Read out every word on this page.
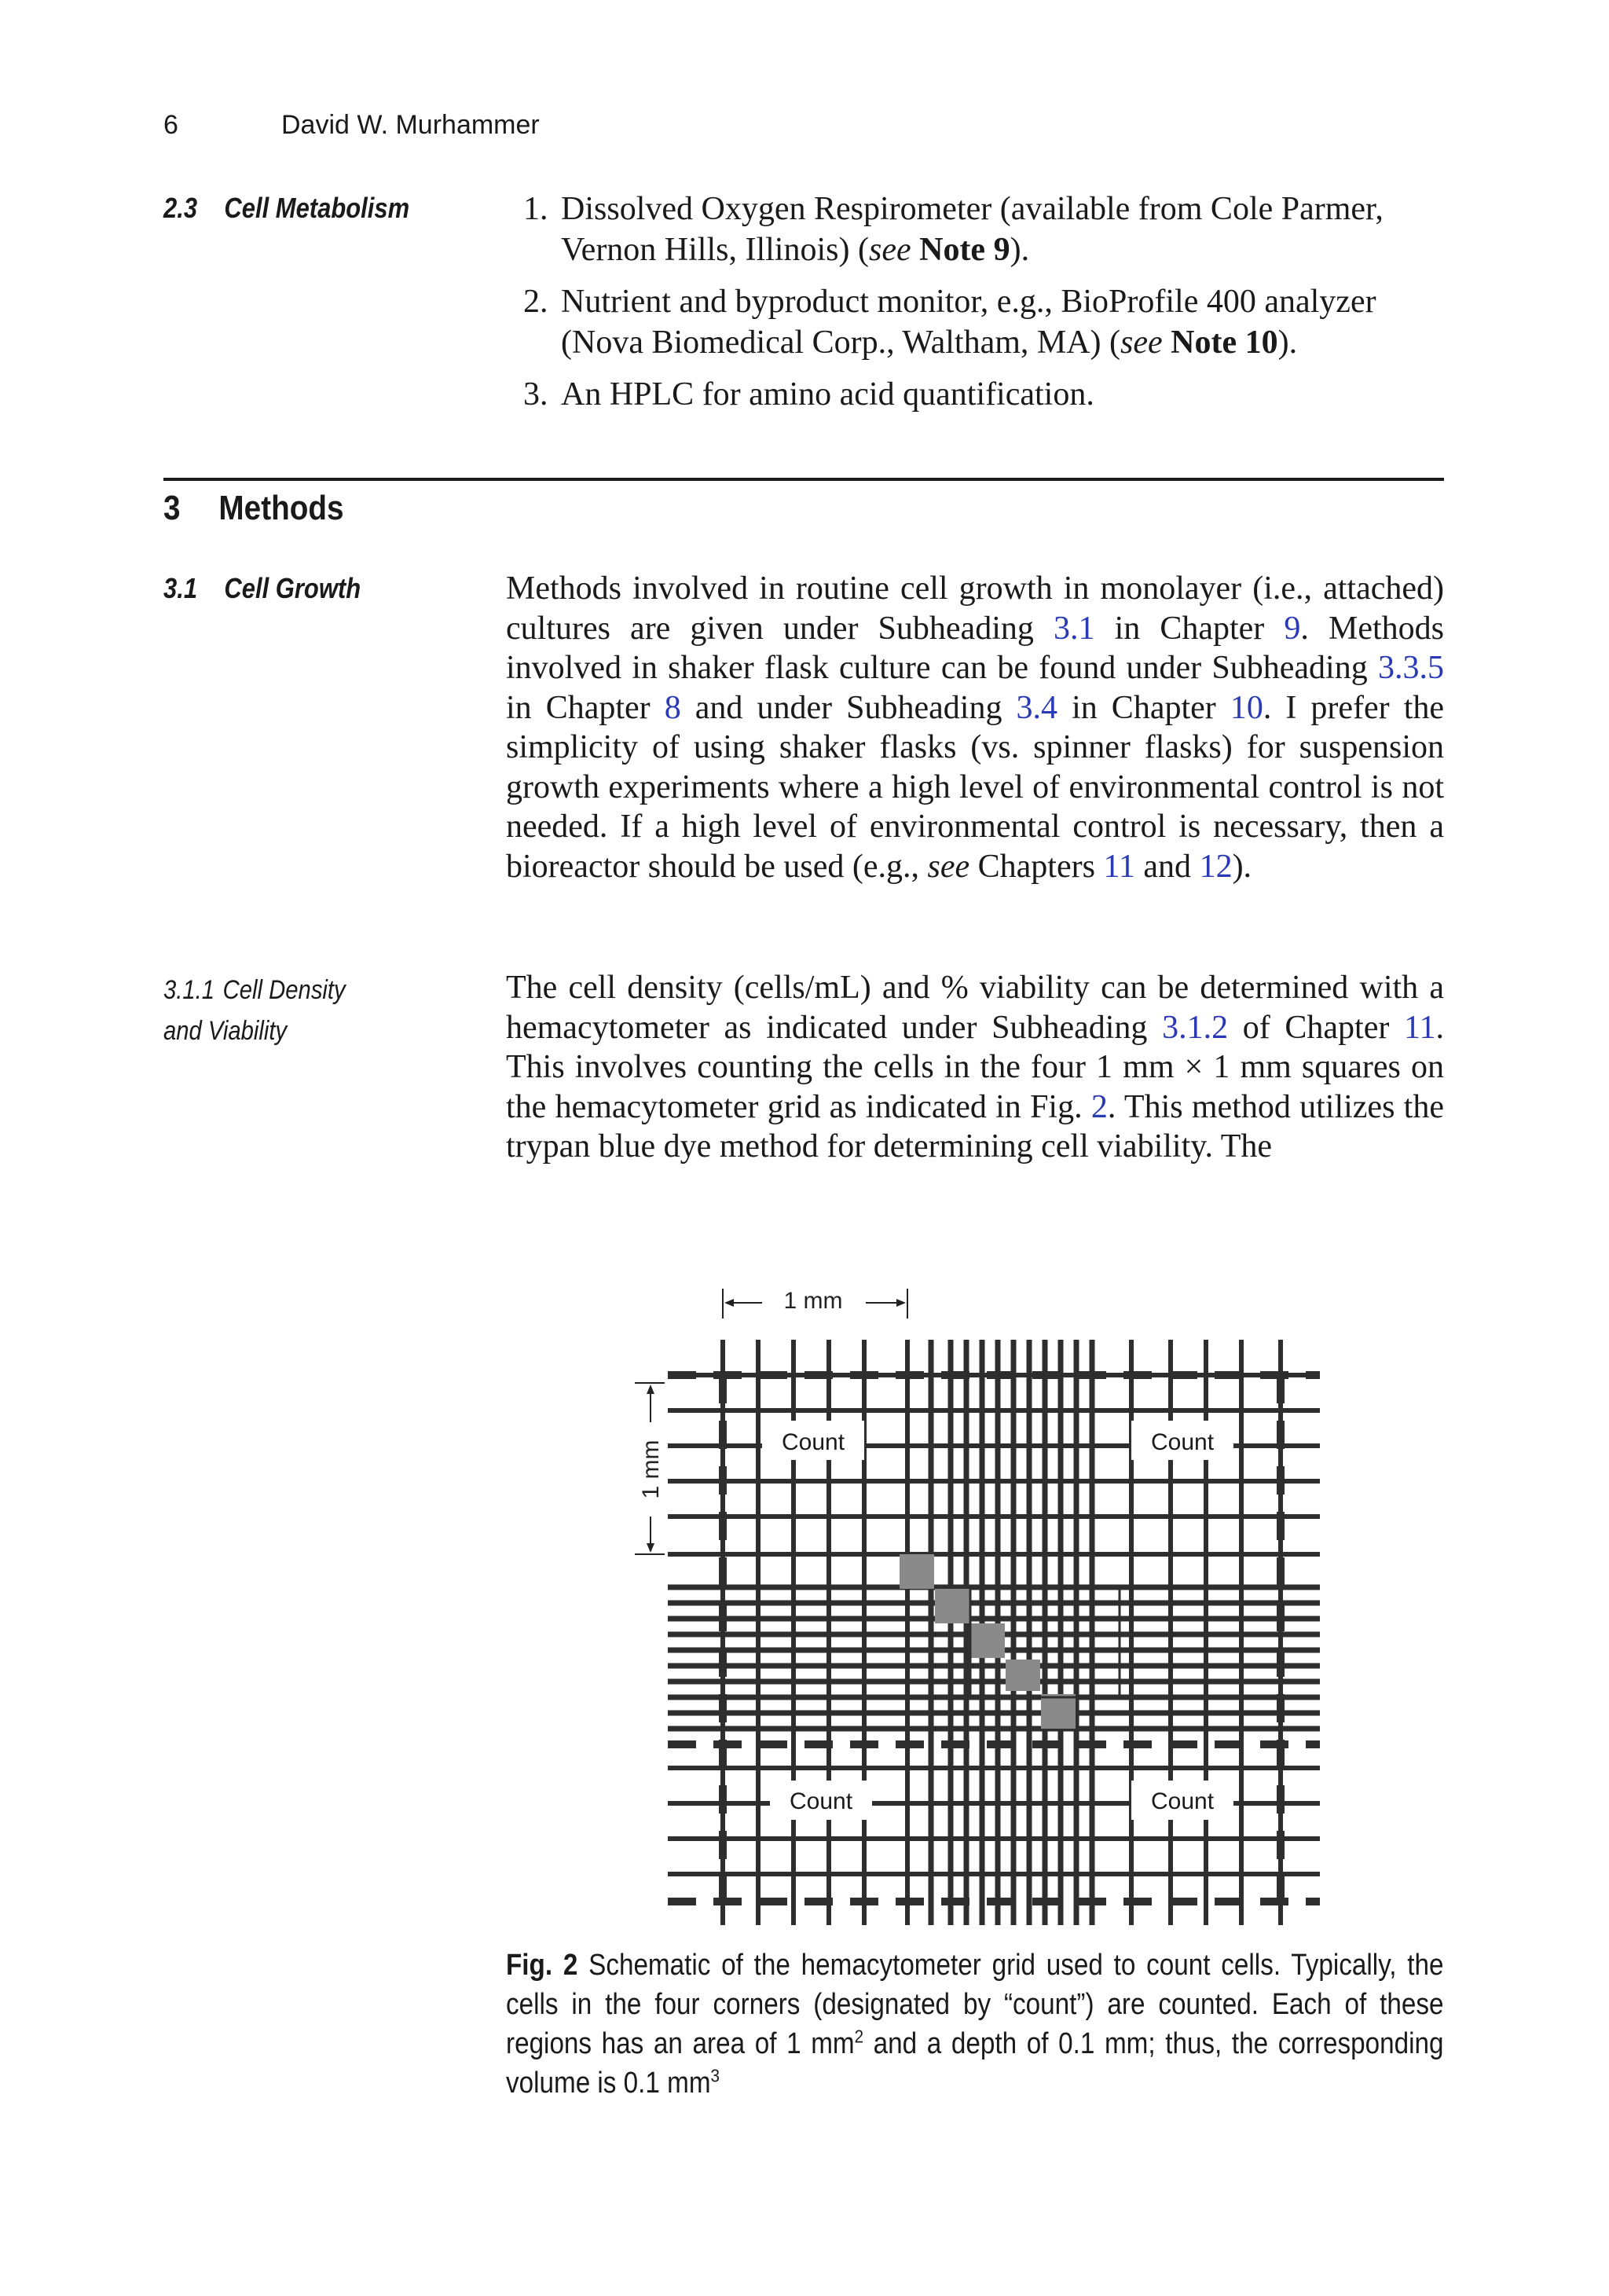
6	David W. Murhammer
2.3 Cell Metabolism	1. Dissolved Oxygen Respirometer (available from Cole Parmer, Vernon Hills, Illinois) (see Note 9).
2. Nutrient and byproduct monitor, e.g., BioProfile 400 analyzer (Nova Biomedical Corp., Waltham, MA) (see Note 10).
3. An HPLC for amino acid quantification.
3 Methods
3.1 Cell Growth	Methods involved in routine cell growth in monolayer (i.e., attached) cultures are given under Subheading 3.1 in Chapter 9. Methods involved in shaker flask culture can be found under Subheading 3.3.5 in Chapter 8 and under Subheading 3.4 in Chapter 10. I prefer the simplicity of using shaker flasks (vs. spinner flasks) for suspension growth experiments where a high level of environmental control is not needed. If a high level of environmental control is necessary, then a bioreactor should be used (e.g., see Chapters 11 and 12).

3.1.1 Cell Density
and Viability

The cell density (cells/mL) and % viability can be determined with a hemacytometer as indicated under Subheading 3.1.2 of Chapter 11. This involves counting the cells in the four 1 mm × 1 mm squares on the hemacytometer grid as indicated in Fig. 2. This method utilizes the trypan blue dye method for determining cell viability. The

1 mm
1 mm	Count	Count
Count	Count

Fig. 2 Schematic of the hemacytometer grid used to count cells. Typically, the cells in the four corners (designated by “count”) are counted. Each of these regions has an area of 1 $mm^2$ and a depth of 0.1 mm; thus, the corresponding volume is 0.1 $mm^3$
